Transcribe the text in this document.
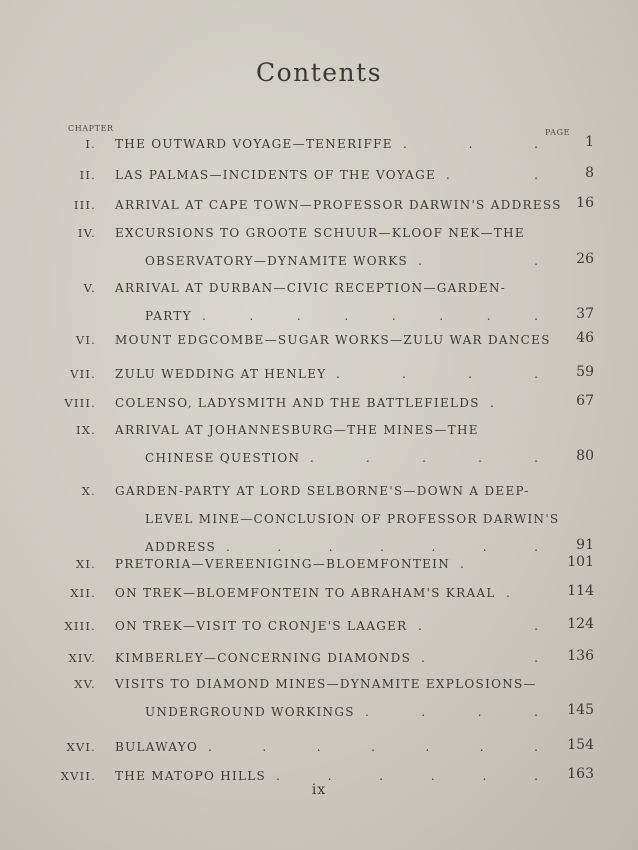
Contents
CHAPTER	PAGE
I. THE OUTWARD VOYAGE—TENERIFFE	1
.	.	.
II. LAS PALMAS—INCIDENTS OF THE VOYAGE	8
.	.
III. ARRIVAL AT CAPE TOWN—PROFESSOR DARWIN'S ADDRESS	16
IV. EXCURSIONS TO GROOTE SCHUUR—KLOOF NEK—THE
OBSERVATORY—DYNAMITE WORKS	26
.	.
V. ARRIVAL AT DURBAN—CIVIC RECEPTION—GARDEN-
PARTY	37
.	.	.	.	.	.	.	.
VI. MOUNT EDGCOMBE—SUGAR WORKS—ZULU WAR DANCES	46
VII. ZULU WEDDING AT HENLEY	59
.	.	.	.
VIII. COLENSO, LADYSMITH AND THE BATTLEFIELDS	67
.
IX. ARRIVAL AT JOHANNESBURG—THE MINES—THE
CHINESE QUESTION	80
.	.	.	.	.
X. GARDEN-PARTY AT LORD SELBORNE'S—DOWN A DEEP-
LEVEL MINE—CONCLUSION OF PROFESSOR DARWIN'S
ADDRESS	91
.	.	.	.	.	.	.
XI. PRETORIA—VEREENIGING—BLOEMFONTEIN	101
.
XII. ON TREK—BLOEMFONTEIN TO ABRAHAM'S KRAAL	114
.
XIII. ON TREK—VISIT TO CRONJE'S LAAGER	124
.	.
XIV. KIMBERLEY—CONCERNING DIAMONDS	136
.	.
XV. VISITS TO DIAMOND MINES—DYNAMITE EXPLOSIONS—
UNDERGROUND WORKINGS	145
.	.	.	.
XVI. BULAWAYO	154
.	.	.	.	.	.	.
XVII. THE MATOPO HILLS	163
.	.	.	.	.	.
ix
